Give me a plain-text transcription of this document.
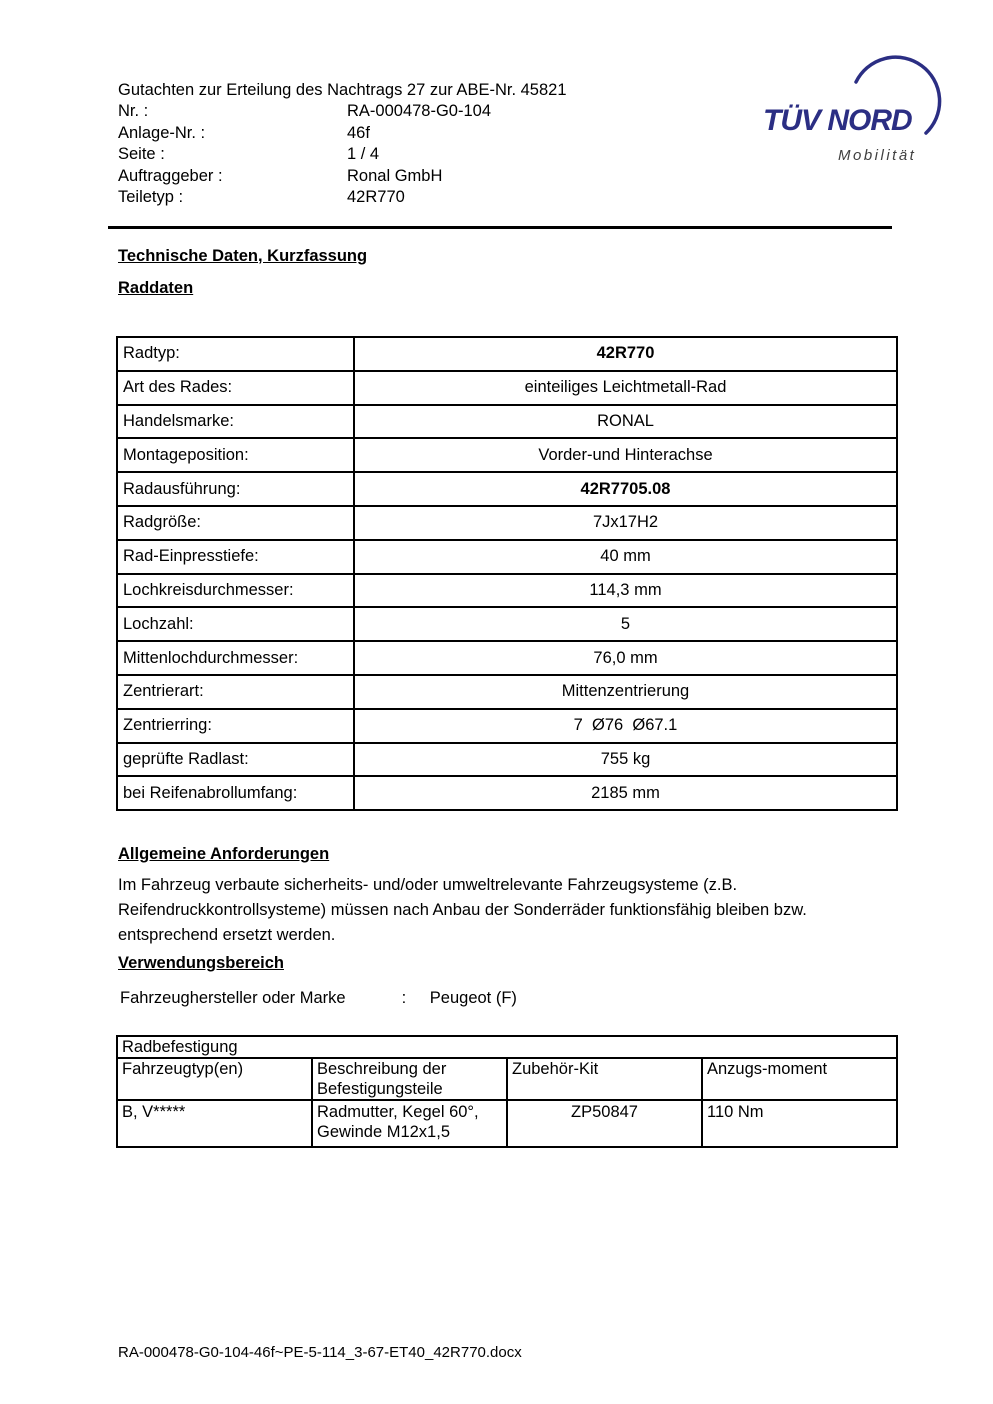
Gutachten zur Erteilung des Nachtrags 27 zur ABE-Nr. 45821
Nr. :	RA-000478-G0-104
Anlage-Nr. :	46f
Seite :	1 / 4
Auftraggeber :	Ronal GmbH
Teiletyp :	42R770
TÜV NORD
Mobilität
Technische Daten, Kurzfassung
Raddaten
Radtyp:	42R770
Art des Rades:	einteiliges Leichtmetall-Rad
Handelsmarke:	RONAL
Montageposition:	Vorder-und Hinterachse
Radausführung:	42R7705.08
Radgröße:	7Jx17H2
Rad-Einpresstiefe:	40 mm
Lochkreisdurchmesser:	114,3 mm
Lochzahl:	5
Mittenlochdurchmesser:	76,0 mm
Zentrierart:	Mittenzentrierung
Zentrierring:	7  Ø76  Ø67.1
geprüfte Radlast:	755 kg
bei Reifenabrollumfang:	2185 mm
Allgemeine Anforderungen
Im Fahrzeug verbaute sicherheits- und/oder umweltrelevante Fahrzeugsysteme (z.B. Reifendruckkontrollsysteme) müssen nach Anbau der Sonderräder funktionsfähig bleiben bzw. entsprechend ersetzt werden.
Verwendungsbereich
Fahrzeughersteller oder Marke	: Peugeot (F)
Radbefestigung			
Fahrzeugtyp(en)	Beschreibung der Befestigungsteile	Zubehör-Kit	Anzugs-moment
B, V*****	Radmutter, Kegel 60°, Gewinde M12x1,5	ZP50847	110 Nm
RA-000478-G0-104-46f~PE-5-114_3-67-ET40_42R770.docx
